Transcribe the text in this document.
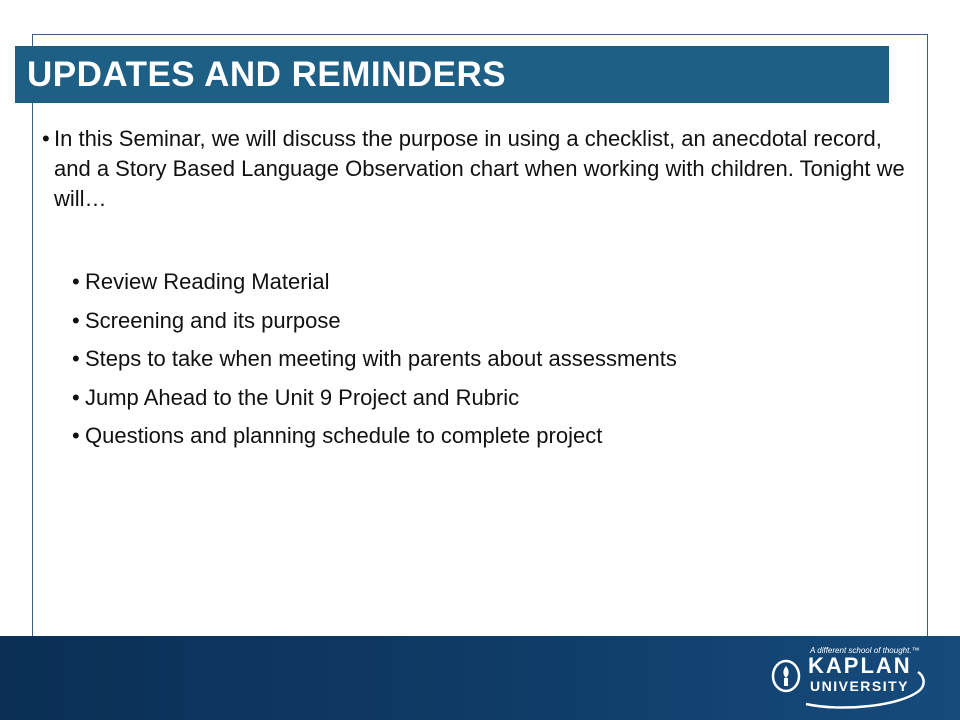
UPDATES AND REMINDERS
• In this Seminar, we will discuss the purpose in using a checklist, an anecdotal record, and a Story Based Language Observation chart when working with children. Tonight we will…
• Review Reading Material
• Screening and its purpose
• Steps to take when meeting with parents about assessments
• Jump Ahead to the Unit 9 Project and Rubric
• Questions and planning schedule to complete project
A different school of thought.™
KAPLAN
UNIVERSITY
